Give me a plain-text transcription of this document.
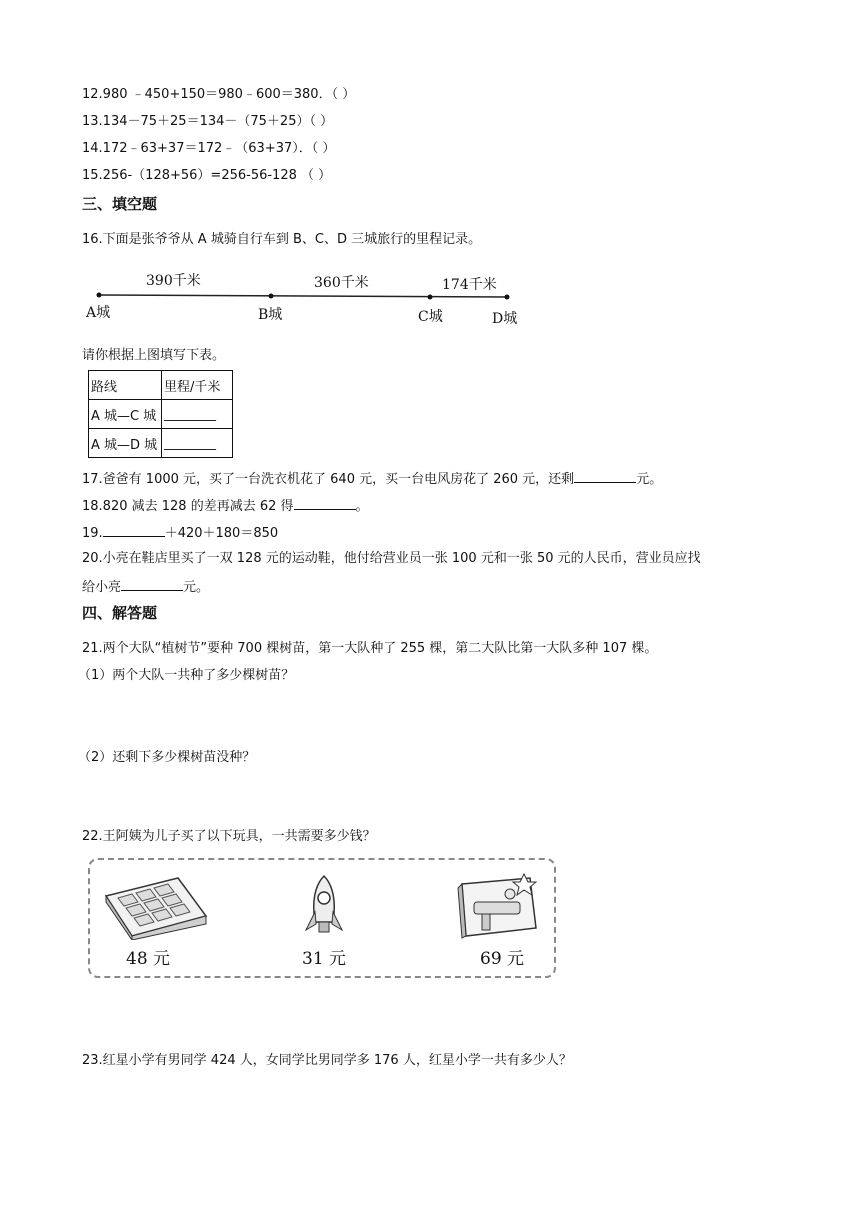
12.980 ﹣450+150＝980﹣600＝380．（ ）
13.134－75＋25＝134－（75＋25）（ ）
14.172﹣63+37＝172﹣（63+37）．（ ）
15.256-（128+56）=256-56-128 （ ）
三、填空题
16.下面是张爷爷从 A 城骑自行车到 B、C、D 三城旅行的里程记录。
390千米	360千米	174千米
A城	B城	C城	D城
请你根据上图填写下表。
路线	里程/千米
A 城—C 城	________
A 城—D 城	________
17.爸爸有 1000 元，买了一台洗衣机花了 640 元，买一台电风房花了 260 元，还剩	元。
18.820 减去 128 的差再减去 62 得	。
19.	＋420＋180＝850
20.小亮在鞋店里买了一双 128 元的运动鞋，他付给营业员一张 100 元和一张 50 元的人民币，营业员应找
给小亮	元。
四、解答题
21.两个大队“植树节”要种 700 棵树苗，第一大队种了 255 棵，第二大队比第一大队多种 107 棵。
（1）两个大队一共种了多少棵树苗？
（2）还剩下多少棵树苗没种？
22.王阿姨为儿子买了以下玩具，一共需要多少钱？
48 元	31 元	69 元
23.红星小学有男同学 424 人，女同学比男同学多 176 人，红星小学一共有多少人？
